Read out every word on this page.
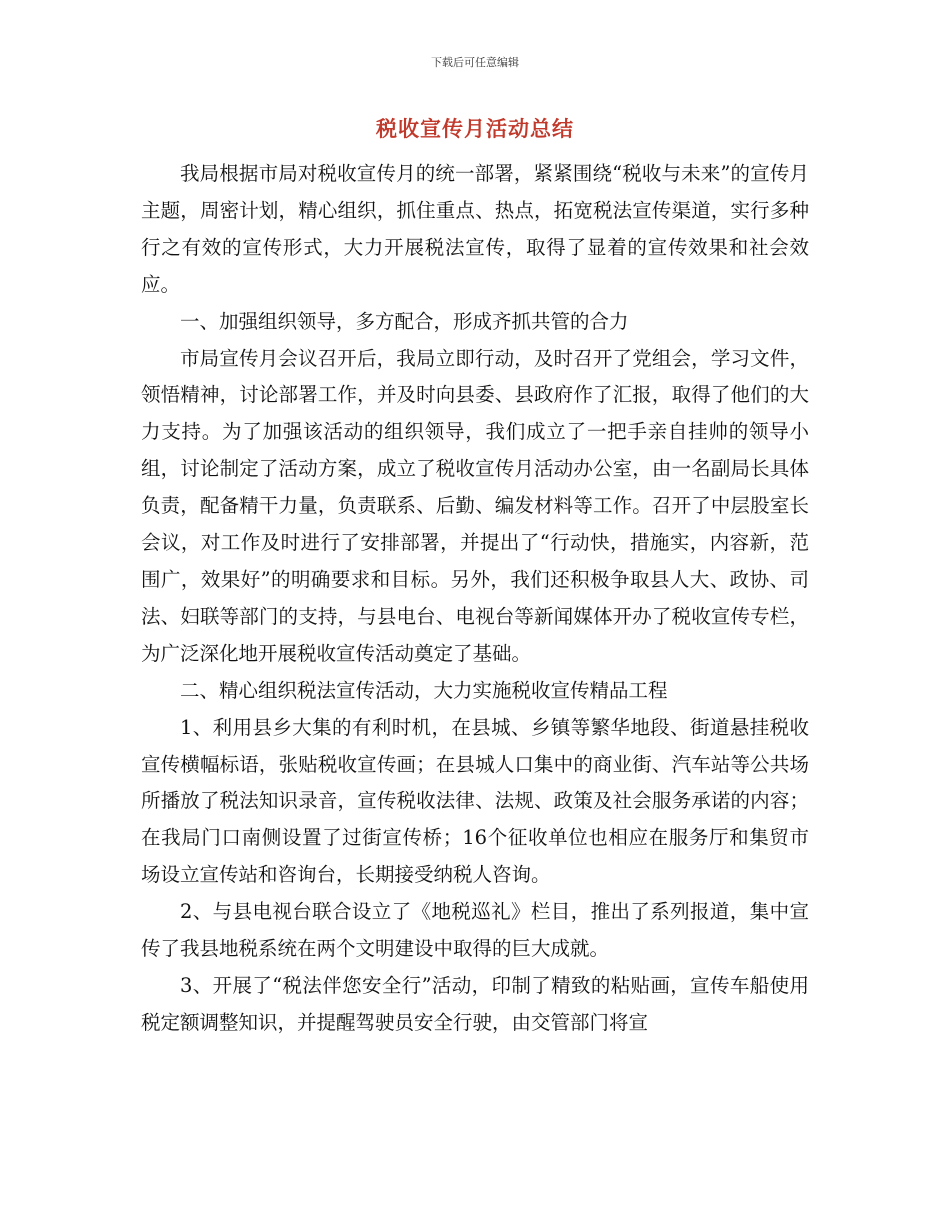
下载后可任意编辑
税收宣传月活动总结

我局根据市局对税收宣传月的统一部署，紧紧围绕“税收与未来”的宣传月主题，周密计划，精心组织，抓住重点、热点，拓宽税法宣传渠道，实行多种行之有效的宣传形式，大力开展税法宣传，取得了显着的宣传效果和社会效应。

一、加强组织领导，多方配合，形成齐抓共管的合力

市局宣传月会议召开后，我局立即行动，及时召开了党组会，学习文件，领悟精神，讨论部署工作，并及时向县委、县政府作了汇报，取得了他们的大力支持。为了加强该活动的组织领导，我们成立了一把手亲自挂帅的领导小组，讨论制定了活动方案，成立了税收宣传月活动办公室，由一名副局长具体负责，配备精干力量，负责联系、后勤、编发材料等工作。召开了中层股室长会议，对工作及时进行了安排部署，并提出了“行动快，措施实，内容新，范围广，效果好”的明确要求和目标。另外，我们还积极争取县人大、政协、司法、妇联等部门的支持，与县电台、电视台等新闻媒体开办了税收宣传专栏，为广泛深化地开展税收宣传活动奠定了基础。

二、精心组织税法宣传活动，大力实施税收宣传精品工程

1、利用县乡大集的有利时机，在县城、乡镇等繁华地段、街道悬挂税收宣传横幅标语，张贴税收宣传画；在县城人口集中的商业街、汽车站等公共场所播放了税法知识录音，宣传税收法律、法规、政策及社会服务承诺的内容；在我局门口南侧设置了过街宣传桥；16个征收单位也相应在服务厅和集贸市场设立宣传站和咨询台，长期接受纳税人咨询。

2、与县电视台联合设立了《地税巡礼》栏目，推出了系列报道，集中宣传了我县地税系统在两个文明建设中取得的巨大成就。

3、开展了“税法伴您安全行”活动，印制了精致的粘贴画，宣传车船使用税定额调整知识，并提醒驾驶员安全行驶，由交管部门将宣
